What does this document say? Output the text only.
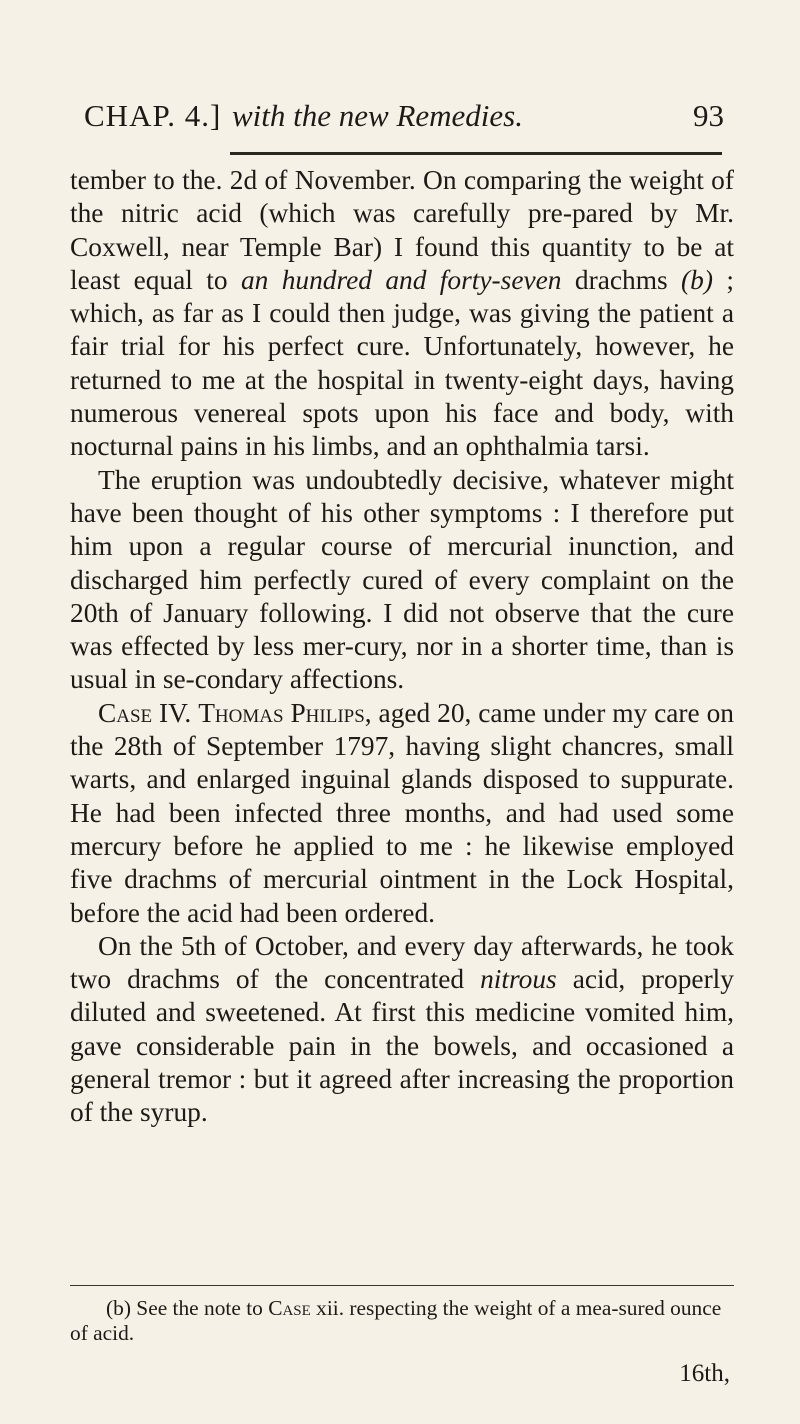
CHAP. 4.] with the new Remedies.	93

tember to the. 2d of November. On comparing the weight of the nitric acid (which was carefully pre-pared by Mr. Coxwell, near Temple Bar) I found this quantity to be at least equal to an hundred and forty-seven drachms (b) ; which, as far as I could then judge, was giving the patient a fair trial for his perfect cure. Unfortunately, however, he returned to me at the hospital in twenty-eight days, having numerous venereal spots upon his face and body, with nocturnal pains in his limbs, and an ophthalmia tarsi.

The eruption was undoubtedly decisive, whatever might have been thought of his other symptoms : I therefore put him upon a regular course of mercurial inunction, and discharged him perfectly cured of every complaint on the 20th of January following. I did not observe that the cure was effected by less mer-cury, nor in a shorter time, than is usual in se-condary affections.

Case IV. Thomas Philips, aged 20, came under my care on the 28th of September 1797, having slight chancres, small warts, and enlarged inguinal glands disposed to suppurate. He had been infected three months, and had used some mercury before he applied to me : he likewise employed five drachms of mercurial ointment in the Lock Hospital, before the acid had been ordered.

On the 5th of October, and every day afterwards, he took two drachms of the concentrated nitrous acid, properly diluted and sweetened. At first this medicine vomited him, gave considerable pain in the bowels, and occasioned a general tremor : but it agreed after increasing the proportion of the syrup.

(b) See the note to Case xii. respecting the weight of a mea-sured ounce of acid.

16th,
